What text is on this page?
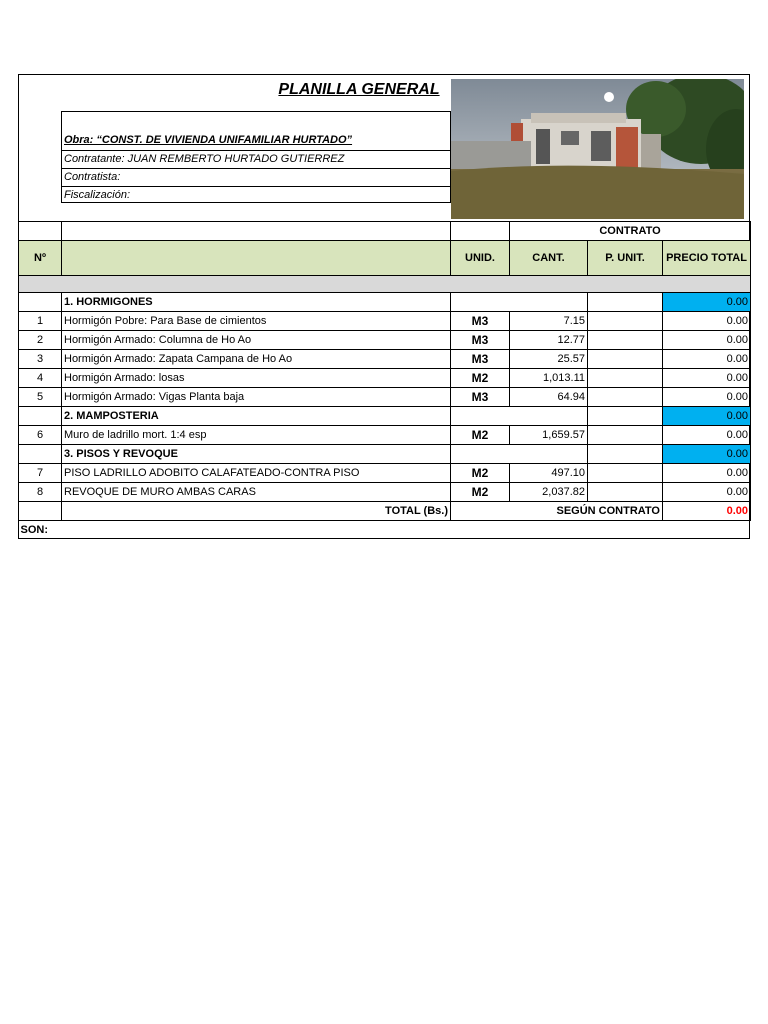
PLANILLA GENERAL
Obra: “CONST. DE VIVIENDA UNIFAMILIAR HURTADO”
Contratante: JUAN REMBERTO HURTADO GUTIERREZ
Contratista:
Fiscalización:
			CONTRATO		
Nº		UNID.	CANT.	P. UNIT.	PRECIO TOTAL

	1. HORMIGONES				0.00
1	Hormigón Pobre: Para Base de cimientos	M3	7.15		0.00
2	Hormigón Armado: Columna de Ho Ao	M3	12.77		0.00
3	Hormigón Armado: Zapata Campana de Ho Ao	M3	25.57		0.00
4	Hormigón Armado: losas	M2	1,013.11		0.00
5	Hormigón Armado: Vigas Planta baja	M3	64.94		0.00
	2. MAMPOSTERIA				0.00
6	Muro de ladrillo mort. 1:4 esp	M2	1,659.57		0.00
	3. PISOS Y REVOQUE				0.00
7	PISO LADRILLO ADOBITO CALAFATEADO-CONTRA PISO	M2	497.10		0.00
8	REVOQUE DE MURO AMBAS CARAS	M2	2,037.82		0.00
	TOTAL (Bs.)	SEGÚN CONTRATO			0.00
SON:					
